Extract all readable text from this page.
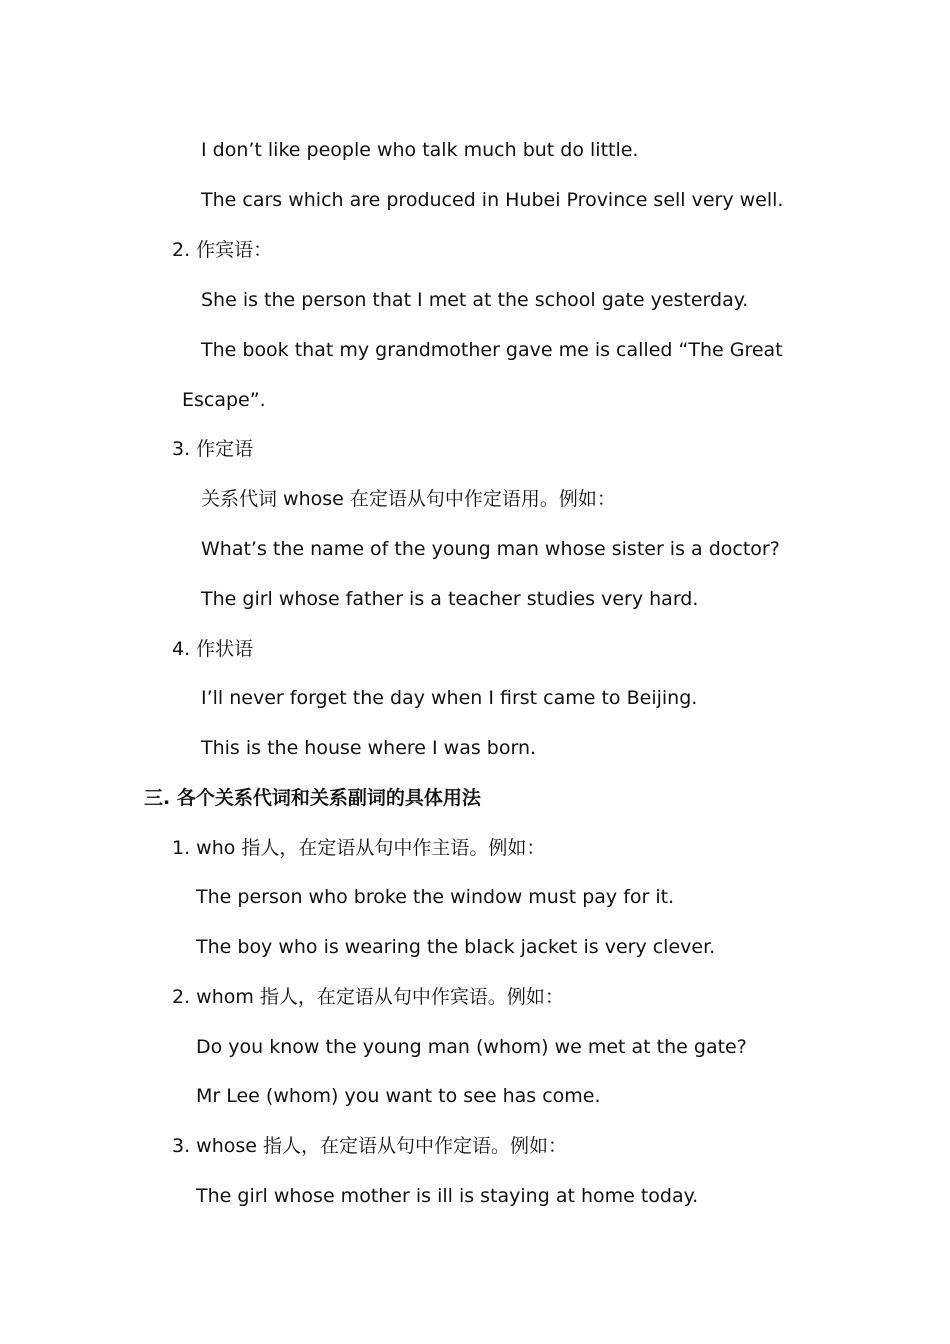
I don’t like people who talk much but do little.
The cars which are produced in Hubei Province sell very well.
2. 作宾语：
She is the person that I met at the school gate yesterday.
The book that my grandmother gave me is called “The Great
Escape”.
3. 作定语
关系代词 whose 在定语从句中作定语用。例如：
What’s the name of the young man whose sister is a doctor?
The girl whose father is a teacher studies very hard.
4. 作状语
I’ll never forget the day when I first came to Beijing.
This is the house where I was born.
三. 各个关系代词和关系副词的具体用法
1. who 指人，在定语从句中作主语。例如：
The person who broke the window must pay for it.
The boy who is wearing the black jacket is very clever.
2. whom 指人，在定语从句中作宾语。例如：
Do you know the young man (whom) we met at the gate?
Mr Lee (whom) you want to see has come.
3. whose 指人，在定语从句中作定语。例如：
The girl whose mother is ill is staying at home today.
